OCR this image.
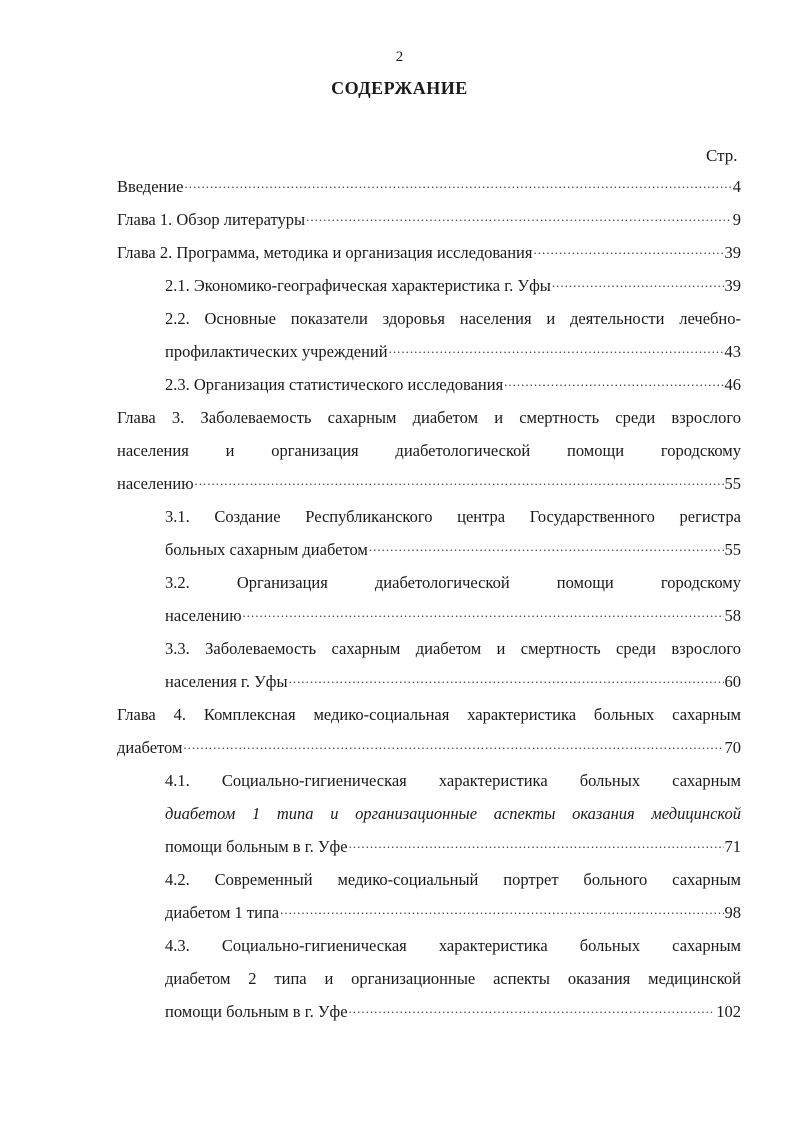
2
СОДЕРЖАНИЕ
Стр.
Введение .....	4
Глава 1. Обзор литературы .....	9
Глава 2. Программа, методика и организация исследования .....	39
2.1. Экономико-географическая характеристика г. Уфы .....	39
2.2. Основные показатели здоровья населения и деятельности лечебно-
профилактических учреждений .....	43
2.3. Организация статистического исследования .....	46
Глава 3. Заболеваемость сахарным диабетом и смертность среди взрослого
населения и организация диабетологической помощи городскому
населению .....	55
3.1. Создание Республиканского центра Государственного регистра
больных сахарным диабетом .....	55
3.2. Организация диабетологической помощи городскому
населению .....	58
3.3. Заболеваемость сахарным диабетом и смертность среди взрослого
населения г. Уфы .....	60
Глава 4. Комплексная медико-социальная характеристика больных сахарным
диабетом .....	70
4.1. Социально-гигиеническая характеристика больных сахарным
диабетом 1 типа и организационные аспекты оказания медицинской
помощи больным в г. Уфе .....	71
4.2. Современный медико-социальный портрет больного сахарным
диабетом 1 типа .....	98
4.3. Социально-гигиеническая характеристика больных сахарным
диабетом 2 типа и организационные аспекты оказания медицинской
помощи больным в г. Уфе .....	102
